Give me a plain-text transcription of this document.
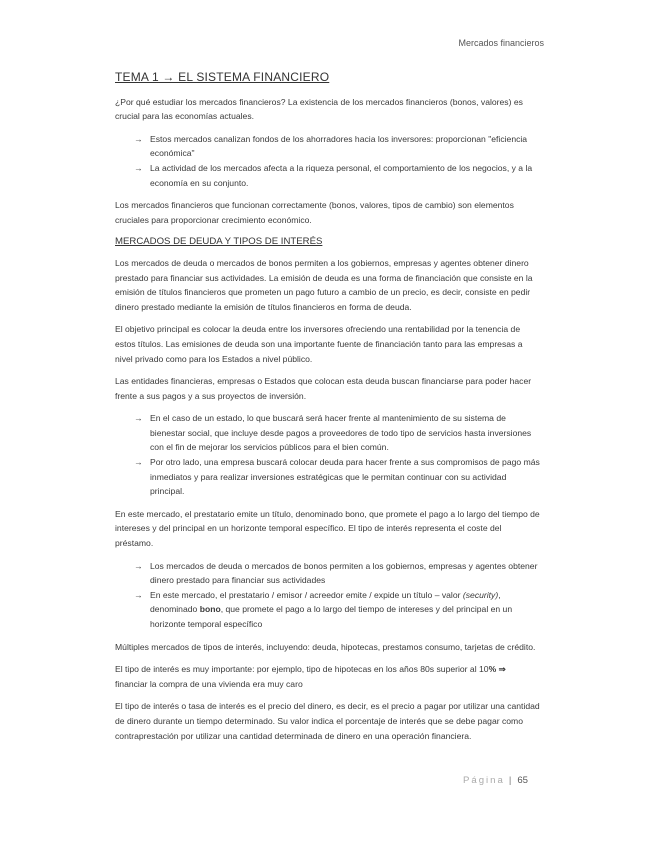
Mercados financieros
TEMA 1 → EL SISTEMA FINANCIERO

¿Por qué estudiar los mercados financieros? La existencia de los mercados financieros (bonos, valores) es crucial para las economías actuales.

→ Estos mercados canalizan fondos de los ahorradores hacia los inversores: proporcionan "eficiencia económica"
→ La actividad de los mercados afecta a la riqueza personal, el comportamiento de los negocios, y a la economía en su conjunto.

Los mercados financieros que funcionan correctamente (bonos, valores, tipos de cambio) son elementos cruciales para proporcionar crecimiento económico.

MERCADOS DE DEUDA Y TIPOS DE INTERÉS

Los mercados de deuda o mercados de bonos permiten a los gobiernos, empresas y agentes obtener dinero prestado para financiar sus actividades. La emisión de deuda es una forma de financiación que consiste en la emisión de títulos financieros que prometen un pago futuro a cambio de un precio, es decir, consiste en pedir dinero prestado mediante la emisión de títulos financieros en forma de deuda.

El objetivo principal es colocar la deuda entre los inversores ofreciendo una rentabilidad por la tenencia de estos títulos. Las emisiones de deuda son una importante fuente de financiación tanto para las empresas a nivel privado como para los Estados a nivel público.

Las entidades financieras, empresas o Estados que colocan esta deuda buscan financiarse para poder hacer frente a sus pagos y a sus proyectos de inversión.

→ En el caso de un estado, lo que buscará será hacer frente al mantenimiento de su sistema de bienestar social, que incluye desde pagos a proveedores de todo tipo de servicios hasta inversiones con el fin de mejorar los servicios públicos para el bien común.
→ Por otro lado, una empresa buscará colocar deuda para hacer frente a sus compromisos de pago más inmediatos y para realizar inversiones estratégicas que le permitan continuar con su actividad principal.

En este mercado, el prestatario emite un título, denominado bono, que promete el pago a lo largo del tiempo de intereses y del principal en un horizonte temporal específico. El tipo de interés representa el coste del préstamo.

→ Los mercados de deuda o mercados de bonos permiten a los gobiernos, empresas y agentes obtener dinero prestado para financiar sus actividades
→ En este mercado, el prestatario / emisor / acreedor emite / expide un título – valor (security), denominado bono, que promete el pago a lo largo del tiempo de intereses y del principal en un horizonte temporal específico

Múltiples mercados de tipos de interés, incluyendo: deuda, hipotecas, prestamos consumo, tarjetas de crédito.

El tipo de interés es muy importante: por ejemplo, tipo de hipotecas en los años 80s superior al 10% ⇒ financiar la compra de una vivienda era muy caro

El tipo de interés o tasa de interés es el precio del dinero, es decir, es el precio a pagar por utilizar una cantidad de dinero durante un tiempo determinado. Su valor indica el porcentaje de interés que se debe pagar como contraprestación por utilizar una cantidad determinada de dinero en una operación financiera.

Página | 65
